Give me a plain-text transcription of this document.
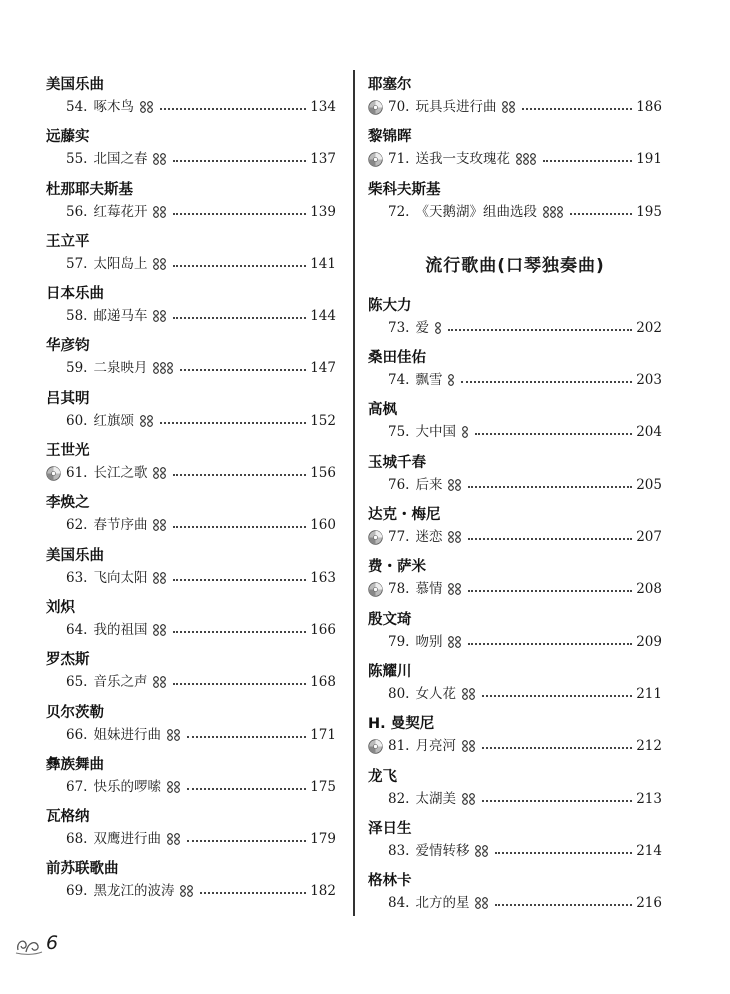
美国乐曲
54. 啄木鸟	134
远藤实
55. 北国之春	137
杜那耶夫斯基
56. 红莓花开	139
王立平
57. 太阳岛上	141
日本乐曲
58. 邮递马车	144
华彦钧
59. 二泉映月	147
吕其明
60. 红旗颂	152
王世光
61. 长江之歌	156
李焕之
62. 春节序曲	160
美国乐曲
63. 飞向太阳	163
刘炽
64. 我的祖国	166
罗杰斯
65. 音乐之声	168
贝尔茨勒
66. 姐妹进行曲	171
彝族舞曲
67. 快乐的啰嗦	175
瓦格纳
68. 双鹰进行曲	179
前苏联歌曲
69. 黑龙江的波涛	182
耶塞尔
70. 玩具兵进行曲	186
黎锦晖
71. 送我一支玫瑰花	191
柴科夫斯基
72. 《天鹅湖》组曲选段	195
流行歌曲(口琴独奏曲)
陈大力
73. 爱	202
桑田佳佑
74. 飘雪	203
高枫
75. 大中国	204
玉城千春
76. 后来	205
达克・梅尼
77. 迷恋	207
费・萨米
78. 慕情	208
殷文琦
79. 吻别	209
陈耀川
80. 女人花	211
H. 曼契尼
81. 月亮河	212
龙飞
82. 太湖美	213
泽日生
83. 爱情转移	214
格林卡
84. 北方的星	216
6
